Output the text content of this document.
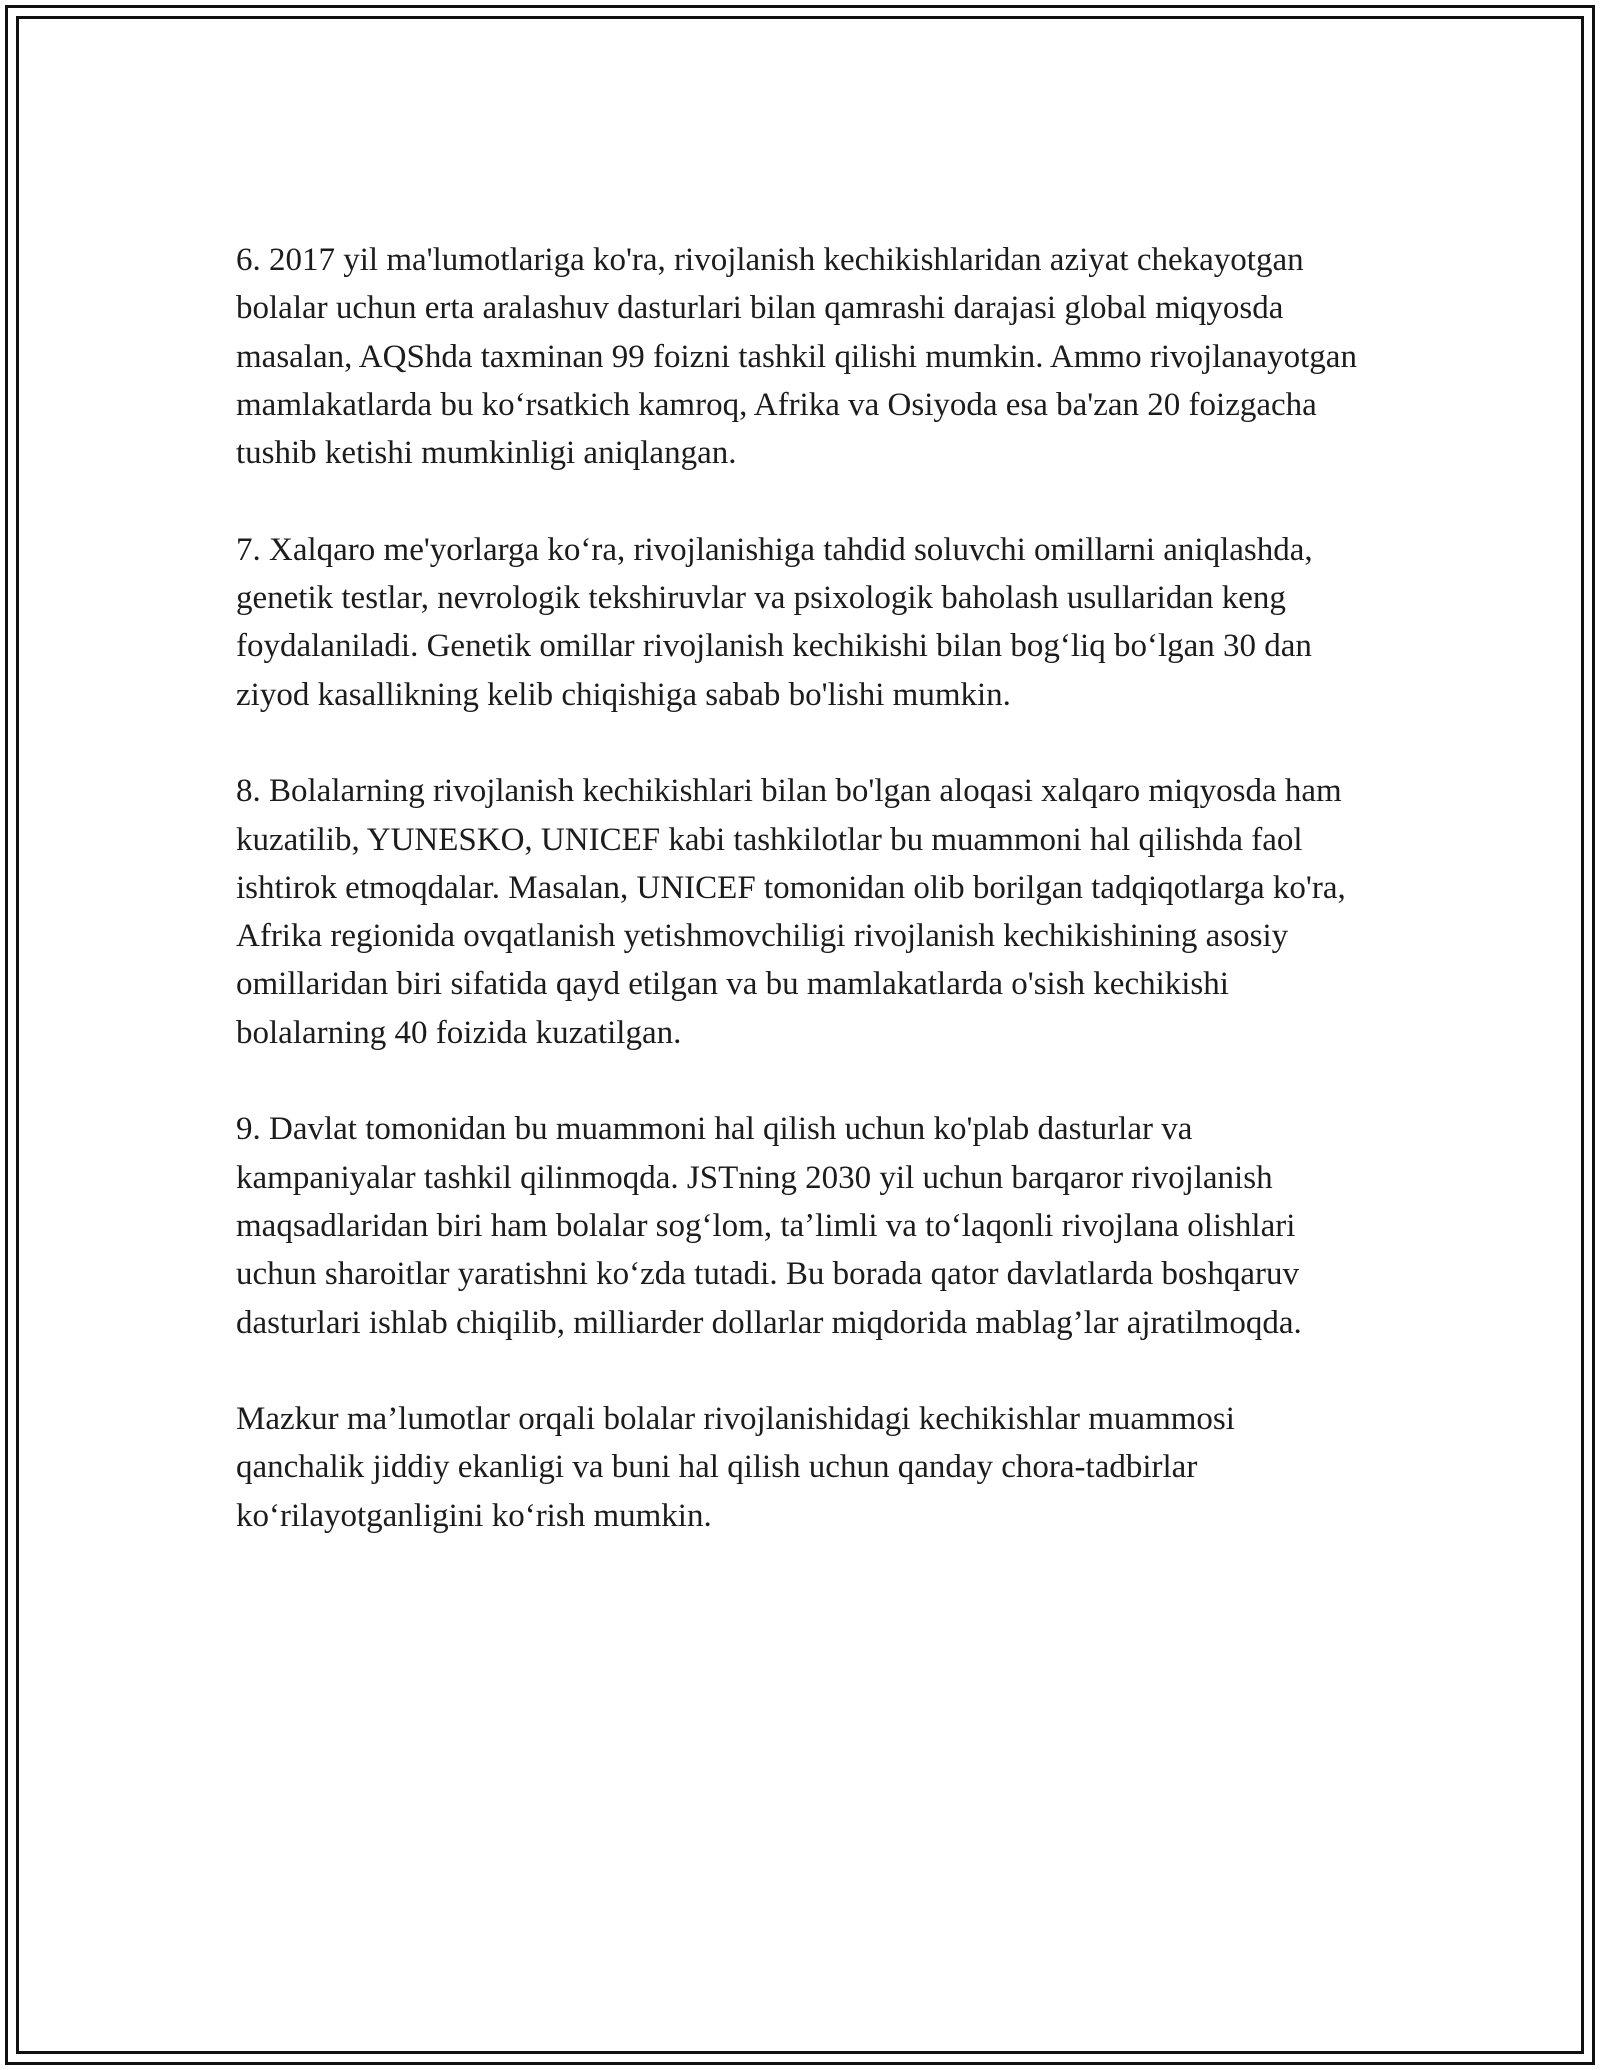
6. 2017 yil ma'lumotlariga ko'ra, rivojlanish kechikishlaridan aziyat chekayotgan bolalar uchun erta aralashuv dasturlari bilan qamrashi darajasi global miqyosda masalan, AQShda taxminan 99 foizni tashkil qilishi mumkin. Ammo rivojlanayotgan mamlakatlarda bu koʻrsatkich kamroq, Afrika va Osiyoda esa ba'zan 20 foizgacha tushib ketishi mumkinligi aniqlangan.

7. Xalqaro me'yorlarga koʻra, rivojlanishiga tahdid soluvchi omillarni aniqlashda, genetik testlar, nevrologik tekshiruvlar va psixologik baholash usullaridan keng foydalaniladi. Genetik omillar rivojlanish kechikishi bilan bogʻliq boʻlgan 30 dan ziyod kasallikning kelib chiqishiga sabab bo'lishi mumkin.

8. Bolalarning rivojlanish kechikishlari bilan bo'lgan aloqasi xalqaro miqyosda ham kuzatilib, YUNESKO, UNICEF kabi tashkilotlar bu muammoni hal qilishda faol ishtirok etmoqdalar. Masalan, UNICEF tomonidan olib borilgan tadqiqotlarga ko'ra, Afrika regionida ovqatlanish yetishmovchiligi rivojlanish kechikishining asosiy omillaridan biri sifatida qayd etilgan va bu mamlakatlarda o'sish kechikishi bolalarning 40 foizida kuzatilgan.

9. Davlat tomonidan bu muammoni hal qilish uchun ko'plab dasturlar va kampaniyalar tashkil qilinmoqda. JSTning 2030 yil uchun barqaror rivojlanish maqsadlaridan biri ham bolalar sogʻlom, taʼlimli va toʻlaqonli rivojlana olishlari uchun sharoitlar yaratishni koʻzda tutadi. Bu borada qator davlatlarda boshqaruv dasturlari ishlab chiqilib, milliarder dollarlar miqdorida mablag’lar ajratilmoqda.

Mazkur ma’lumotlar orqali bolalar rivojlanishidagi kechikishlar muammosi qanchalik jiddiy ekanligi va buni hal qilish uchun qanday chora-tadbirlar koʻrilayotganligini koʻrish mumkin.
